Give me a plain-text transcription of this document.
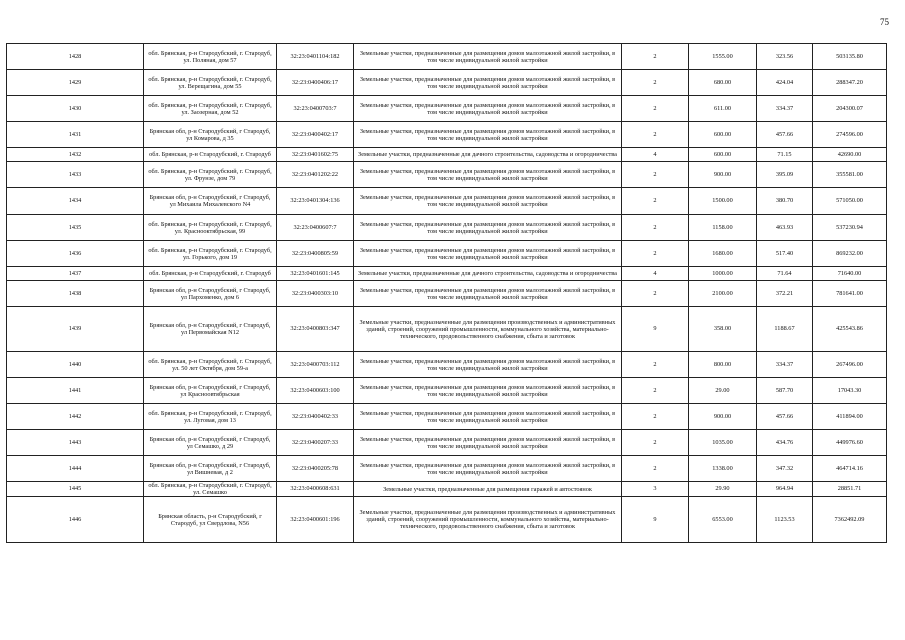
75
1428	обл. Брянская, р-н Стародубский, г. Стародуб, ул. Поляная, дом 57	32:23:0401104:182	Земельные участки, предназначенные для размещения домов малоэтажной жилой застройки, в том числе индивидуальной жилой застройки	2	1555.00	323.56	503135.80
1429	обл. Брянская, р-н Стародубский, г. Стародуб, ул. Верещагина, дом 55	32:23:0400406:17	Земельные участки, предназначенные для размещения домов малоэтажной жилой застройки, в том числе индивидуальной жилой застройки	2	680.00	424.04	288347.20
1430	обл. Брянская, р-н Стародубский, г. Стародуб, ул. Заозерная, дом 52	32:23:0400703:7	Земельные участки, предназначенные для размещения домов малоэтажной жилой застройки, в том числе индивидуальной жилой застройки	2	611.00	334.37	204300.07
1431	Брянская обл, р-н Стародубский, г Стародуб, ул Комарова, д 35	32:23:0400402:17	Земельные участки, предназначенные для размещения домов малоэтажной жилой застройки, в том числе индивидуальной жилой застройки	2	600.00	457.66	274596.00
1432	обл. Брянская, р-н Стародубский, г. Стародуб	32:23:0401602:75	Земельные участки, предназначенные для дачного строительства, садоводства и огородничества	4	600.00	71.15	42690.00
1433	обл. Брянская, р-н Стародубский, г. Стародуб, ул. Фрунзе, дом 79	32:23:0401202:22	Земельные участки, предназначенные для размещения домов малоэтажной жилой застройки, в том числе индивидуальной жилой застройки	2	900.00	395.09	355581.00
1434	Брянская обл, р-н Стародубский, г Стародуб, ул Михаила Михалевского N4	32:23:0401304:136	Земельные участки, предназначенные для размещения домов малоэтажной жилой застройки, в том числе индивидуальной жилой застройки	2	1500.00	380.70	571050.00
1435	обл. Брянская, р-н Стародубский, г. Стародуб, ул. Краснооктябрьская, 99	32:23:0400607:7	Земельные участки, предназначенные для размещения домов малоэтажной жилой застройки, в том числе индивидуальной жилой застройки	2	1158.00	463.93	537230.94
1436	обл. Брянская, р-н Стародубский, г. Стародуб, ул. Горького, дом 19	32:23:0400805:59	Земельные участки, предназначенные для размещения домов малоэтажной жилой застройки, в том числе индивидуальной жилой застройки	2	1680.00	517.40	869232.00
1437	обл. Брянская, р-н Стародубский, г. Стародуб	32:23:0401601:145	Земельные участки, предназначенные для дачного строительства, садоводства и огородничества	4	1000.00	71.64	71640.00
1438	Брянская обл, р-н Стародубский, г Стародуб, ул Пархоменко, дом 6	32:23:0400303:10	Земельные участки, предназначенные для размещения домов малоэтажной жилой застройки, в том числе индивидуальной жилой застройки	2	2100.00	372.21	781641.00
1439	Брянская обл, р-н Стародубский, г Стародуб, ул Первомайская N12	32:23:0400803:347	Земельные участки, предназначенные для размещения производственных и административных зданий, строений, сооружений промышленности, коммунального хозяйства, материально-технического, продовольственного снабжения, сбыта и заготовок	9	358.00	1188.67	425543.86
1440	обл. Брянская, р-н Стародубский, г. Стародуб, ул. 50 лет Октября, дом 59-а	32:23:0400703:112	Земельные участки, предназначенные для размещения домов малоэтажной жилой застройки, в том числе индивидуальной жилой застройки	2	800.00	334.37	267496.00
1441	Брянская обл, р-н Стародубский, г Стародуб, ул Красноовтябрьская	32:23:0400603:100	Земельные участки, предназначенные для размещения домов малоэтажной жилой застройки, в том числе индивидуальной жилой застройки	2	29.00	587.70	17043.30
1442	обл. Брянская, р-н Стародубский, г. Стародуб, ул. Луговая, дом 13	32:23:0400402:33	Земельные участки, предназначенные для размещения домов малоэтажной жилой застройки, в том числе индивидуальной жилой застройки	2	900.00	457.66	411894.00
1443	Брянская обл, р-н Стародубский, г Стародуб, ул Семашко, д 29	32:23:0400207:33	Земельные участки, предназначенные для размещения домов малоэтажной жилой застройки, в том числе индивидуальной жилой застройки	2	1035.00	434.76	449976.60
1444	Брянская обл, р-н Стародубский, г Стародуб, ул Вишневая, д 2	32:23:0400205:78	Земельные участки, предназначенные для размещения домов малоэтажной жилой застройки, в том числе индивидуальной жилой застройки	2	1338.00	347.32	464714.16
1445	обл. Брянская, р-н Стародубский, г. Стародуб, ул. Семашко	32:23:0400608:631	Земельные участки, предназначенные для размещения гаражей и автостоянок	3	29.90	964.94	28851.71
1446	Брянская область, р-н Стародубский, г Стародуб, ул Свердлова, N56	32:23:0400601:196	Земельные участки, предназначенные для размещения производственных и административных зданий, строений, сооружений промышленности, коммунального хозяйства, материально-технического, продовольственного снабжения, сбыта и заготовок	9	6553.00	1123.53	7362492.09
